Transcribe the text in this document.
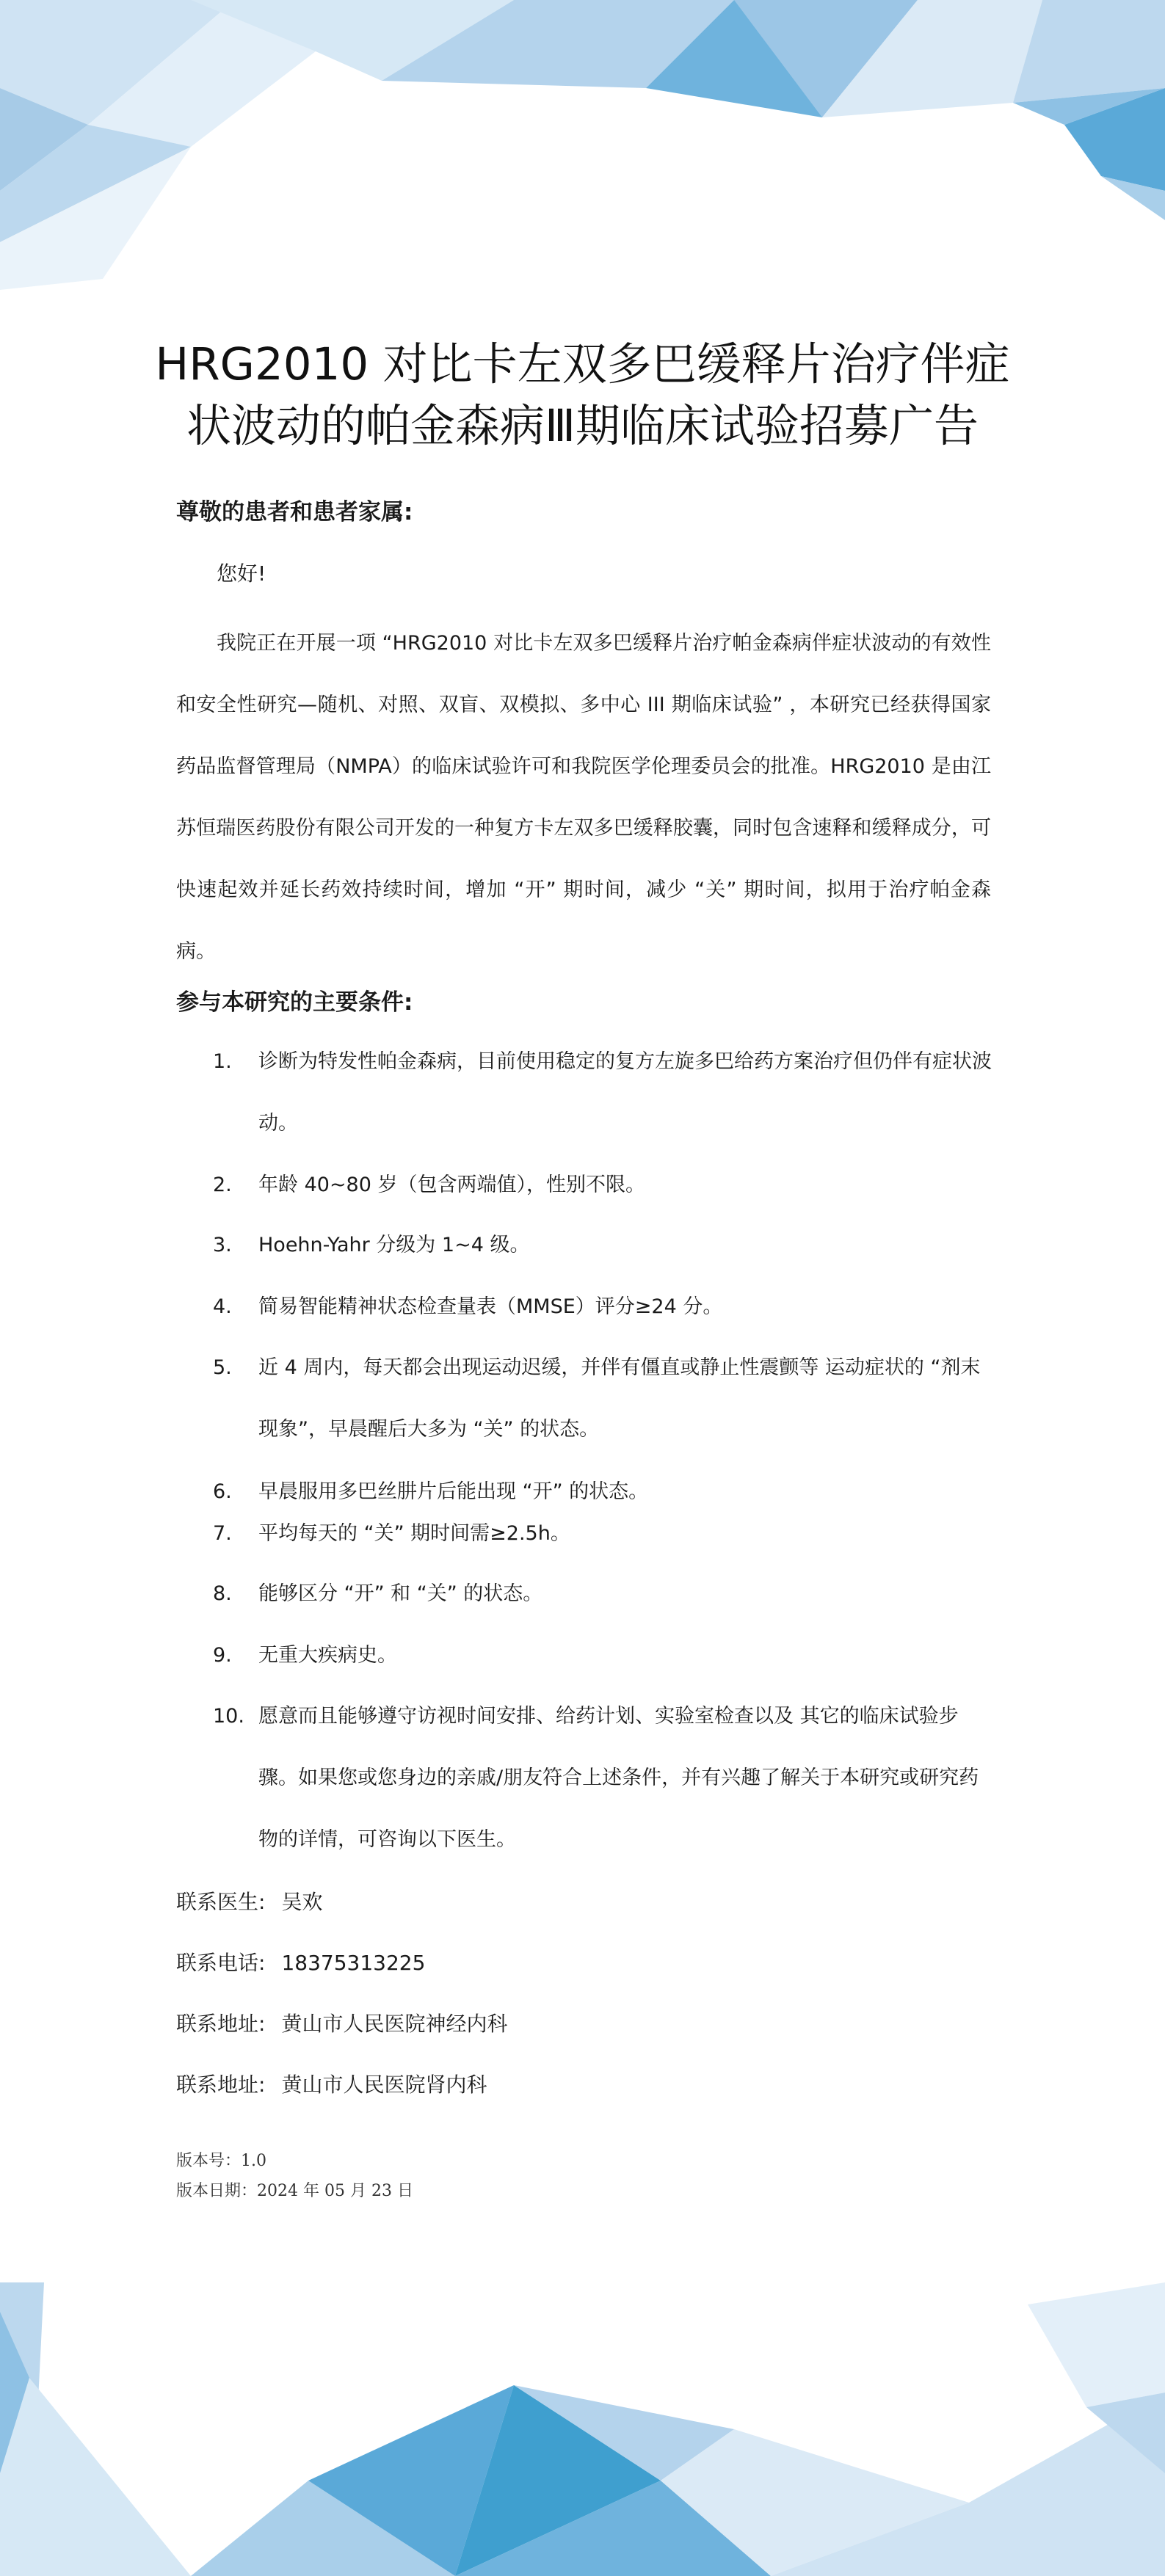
HRG2010 对比卡左双多巴缓释片治疗伴症
状波动的帕金森病Ⅲ期临床试验招募广告
尊敬的患者和患者家属:
您好!

我院正在开展一项 “HRG2010 对比卡左双多巴缓释片治疗帕金森病伴症状波动的有效性和安全性研究—随机、对照、双盲、双模拟、多中心 III 期临床试验” ，本研究已经获得国家药品监督管理局（NMPA）的临床试验许可和我院医学伦理委员会的批准。HRG2010 是由江苏恒瑞医药股份有限公司开发的一种复方卡左双多巴缓释胶囊，同时包含速释和缓释成分，可快速起效并延长药效持续时间，增加 “开” 期时间，减少 “关” 期时间，拟用于治疗帕金森病。

参与本研究的主要条件:
1. 诊断为特发性帕金森病，目前使用稳定的复方左旋多巴给药方案治疗但仍伴有症状波动。
2. 年龄 40~80 岁（包含两端值），性别不限。
3. Hoehn-Yahr 分级为 1~4 级。
4. 简易智能精神状态检查量表（MMSE）评分≥24 分。
5. 近 4 周内，每天都会出现运动迟缓，并伴有僵直或静止性震颤等 运动症状的 “剂末现象”，早晨醒后大多为 “关” 的状态。
6. 早晨服用多巴丝肼片后能出现 “开” 的状态。
7. 平均每天的 “关” 期时间需≥2.5h。
8. 能够区分 “开” 和 “关” 的状态。
9. 无重大疾病史。
10. 愿意而且能够遵守访视时间安排、给药计划、实验室检查以及 其它的临床试验步骤。如果您或您身边的亲戚/朋友符合上述条件，并有兴趣了解关于本研究或研究药物的详情，可咨询以下医生。
联系医生: 吴欢
联系电话: 18375313225
联系地址: 黄山市人民医院神经内科
联系地址: 黄山市人民医院肾内科
版本号：1.0
版本日期：2024 年 05 月 23 日
